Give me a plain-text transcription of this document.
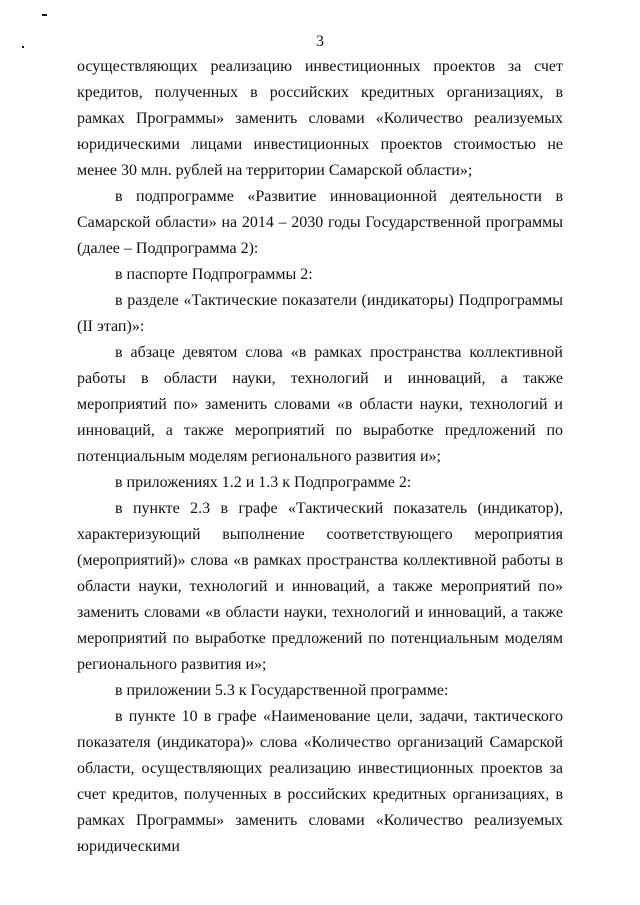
3

осуществляющих реализацию инвестиционных проектов за счет кредитов, полученных в российских кредитных организациях, в рамках Программы» заменить словами «Количество реализуемых юридическими лицами инвестиционных проектов стоимостью не менее 30 млн. рублей на территории Самарской области»;

в подпрограмме «Развитие инновационной деятельности в Самарской области» на 2014 – 2030 годы Государственной программы (далее – Подпрограмма 2):

в паспорте Подпрограммы 2:

в разделе «Тактические показатели (индикаторы) Подпрограммы (II этап)»:

в абзаце девятом слова «в рамках пространства коллективной работы в области науки, технологий и инноваций, а также мероприятий по» заменить словами «в области науки, технологий и инноваций, а также мероприятий по выработке предложений по потенциальным моделям регионального развития и»;

в приложениях 1.2 и 1.3 к Подпрограмме 2:

в пункте 2.3 в графе «Тактический показатель (индикатор), характеризующий выполнение соответствующего мероприятия (мероприятий)» слова «в рамках пространства коллективной работы в области науки, технологий и инноваций, а также мероприятий по» заменить словами «в области науки, технологий и инноваций, а также мероприятий по выработке предложений по потенциальным моделям регионального развития и»;

в приложении 5.3 к Государственной программе:

в пункте 10 в графе «Наименование цели, задачи, тактического показателя (индикатора)» слова «Количество организаций Самарской области, осуществляющих реализацию инвестиционных проектов за счет кредитов, полученных в российских кредитных организациях, в рамках Программы» заменить словами «Количество реализуемых юридическими
